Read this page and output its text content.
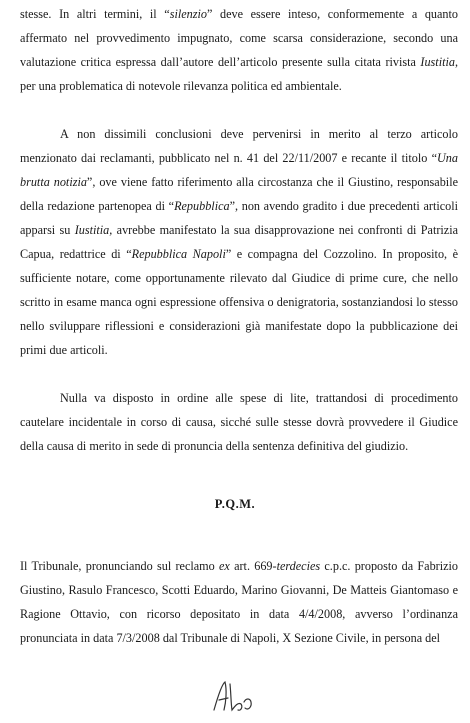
stesse. In altri termini, il “silenzio” deve essere inteso, conformemente a quanto affermato nel provvedimento impugnato, come scarsa considerazione, secondo una valutazione critica espressa dall’autore dell’articolo presente sulla citata rivista Iustitia, per una problematica di notevole rilevanza politica ed ambientale.

A non dissimili conclusioni deve pervenirsi in merito al terzo articolo menzionato dai reclamanti, pubblicato nel n. 41 del 22/11/2007 e recante il titolo “Una brutta notizia”, ove viene fatto riferimento alla circostanza che il Giustino, responsabile della redazione partenopea di “Repubblica”, non avendo gradito i due precedenti articoli apparsi su Iustitia, avrebbe manifestato la sua disapprovazione nei confronti di Patrizia Capua, redattrice di “Repubblica Napoli” e compagna del Cozzolino. In proposito, è sufficiente notare, come opportunamente rilevato dal Giudice di prime cure, che nello scritto in esame manca ogni espressione offensiva o denigratoria, sostanziandosi lo stesso nello sviluppare riflessioni e considerazioni già manifestate dopo la pubblicazione dei primi due articoli.

Nulla va disposto in ordine alle spese di lite, trattandosi di procedimento cautelare incidentale in corso di causa, sicché sulle stesse dovrà provvedere il Giudice della causa di merito in sede di pronuncia della sentenza definitiva del giudizio.

P.Q.M.

Il Tribunale, pronunciando sul reclamo ex art. 669-terdecies c.p.c. proposto da Fabrizio Giustino, Rasulo Francesco, Scotti Eduardo, Marino Giovanni, De Matteis Giantomaso e Ragione Ottavio, con ricorso depositato in data 4/4/2008, avverso l’ordinanza pronunciata in data 7/3/2008 dal Tribunale di Napoli, X Sezione Civile, in persona del
